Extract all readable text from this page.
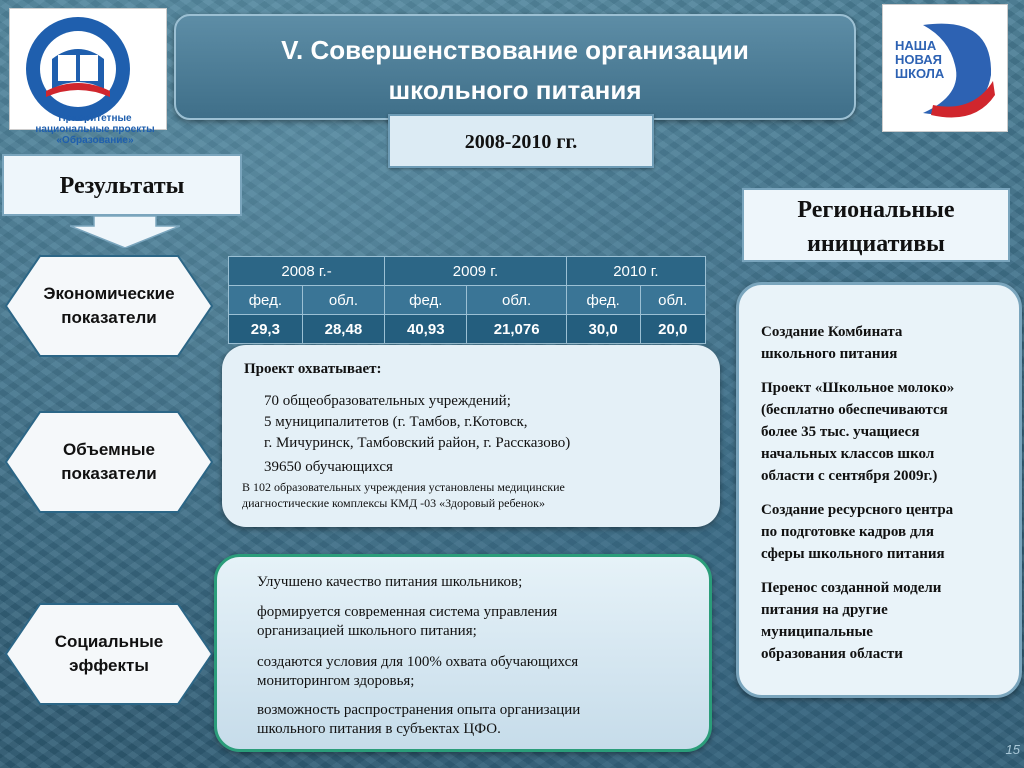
Приоритетные национальные проекты «Образование»
НАША
НОВАЯ
ШКОЛА
V. Совершенствование организации
школьного питания
2008-2010 гг.
Результаты
Экономические
показатели
Объемные
показатели
Социальные
эффекты
2008 г.-		2009 г.		2010 г.	
фед.	обл.	фед.	обл.	фед.	обл.
29,3	28,48	40,93	21,076	30,0	20,0
Проект охватывает:
70 общеобразовательных учреждений;
5 муниципалитетов (г. Тамбов, г.Котовск,
г. Мичуринск, Тамбовский район, г. Рассказово)
39650 обучающихся
В 102 образовательных учреждения установлены медицинские
диагностические комплексы КМД -03 «Здоровый ребенок»

Улучшено качество питания школьников;

формируется современная система управления
организацией школьного питания;

создаются условия для 100% охвата обучающихся
мониторингом здоровья;

возможность распространения опыта организации
школьного питания в субъектах ЦФО.

Региональные
инициативы

Создание Комбината
школьного питания

Проект «Школьное молоко»
(бесплатно обеспечиваются
более 35 тыс. учащиеся
начальных классов школ
области с сентября 2009г.)

Создание ресурсного центра
по подготовке кадров для
сферы школьного питания

Перенос созданной модели
питания на другие
муниципальные
образования области

15
